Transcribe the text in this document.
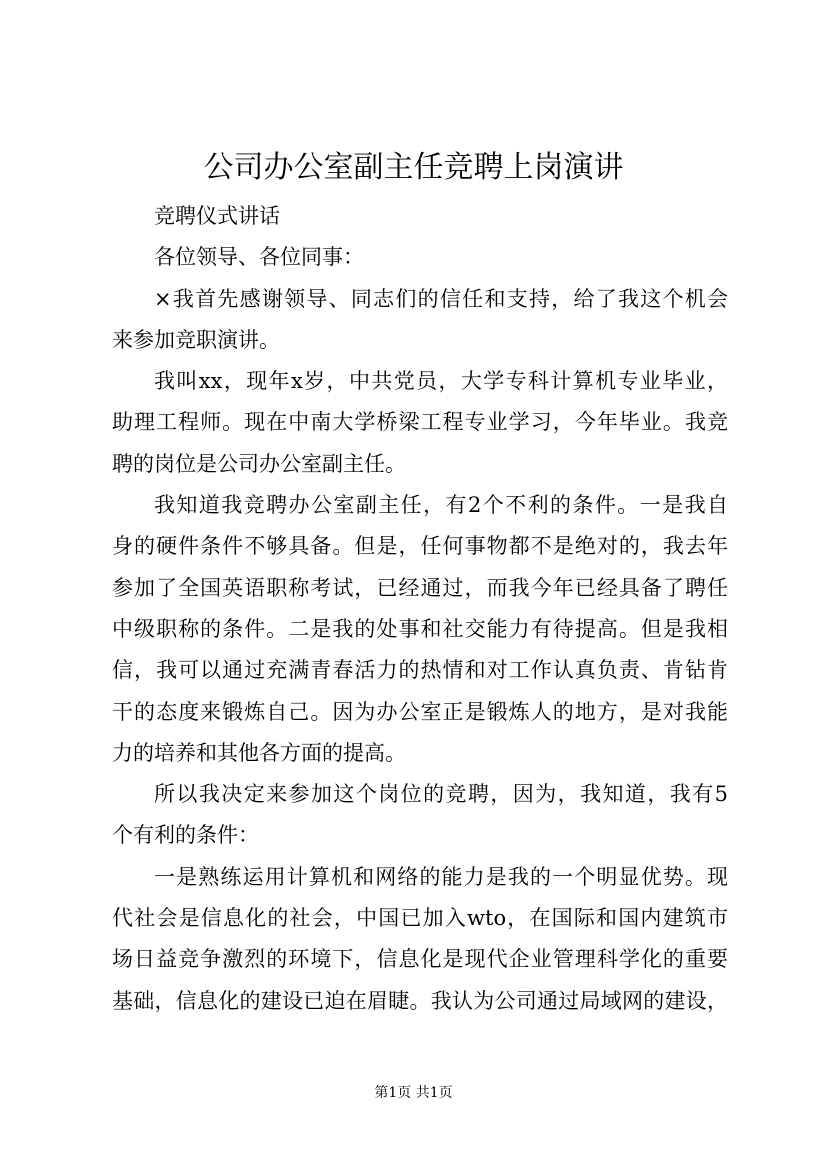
公司办公室副主任竞聘上岗演讲
竞聘仪式讲话
各位领导、各位同事：
×我首先感谢领导、同志们的信任和支持，给了我这个机会
来参加竞职演讲。
我叫xx，现年x岁，中共党员，大学专科计算机专业毕业，
助理工程师。现在中南大学桥梁工程专业学习，今年毕业。我竞
聘的岗位是公司办公室副主任。
我知道我竞聘办公室副主任，有2个不利的条件。一是我自
身的硬件条件不够具备。但是，任何事物都不是绝对的，我去年
参加了全国英语职称考试，已经通过，而我今年已经具备了聘任
中级职称的条件。二是我的处事和社交能力有待提高。但是我相
信，我可以通过充满青春活力的热情和对工作认真负责、肯钻肯
干的态度来锻炼自己。因为办公室正是锻炼人的地方，是对我能
力的培养和其他各方面的提高。
所以我决定来参加这个岗位的竞聘，因为，我知道，我有5
个有利的条件：
一是熟练运用计算机和网络的能力是我的一个明显优势。现
代社会是信息化的社会，中国已加入wto，在国际和国内建筑市
场日益竞争激烈的环境下，信息化是现代企业管理科学化的重要
基础，信息化的建设已迫在眉睫。我认为公司通过局域网的建设，
第1页 共1页
